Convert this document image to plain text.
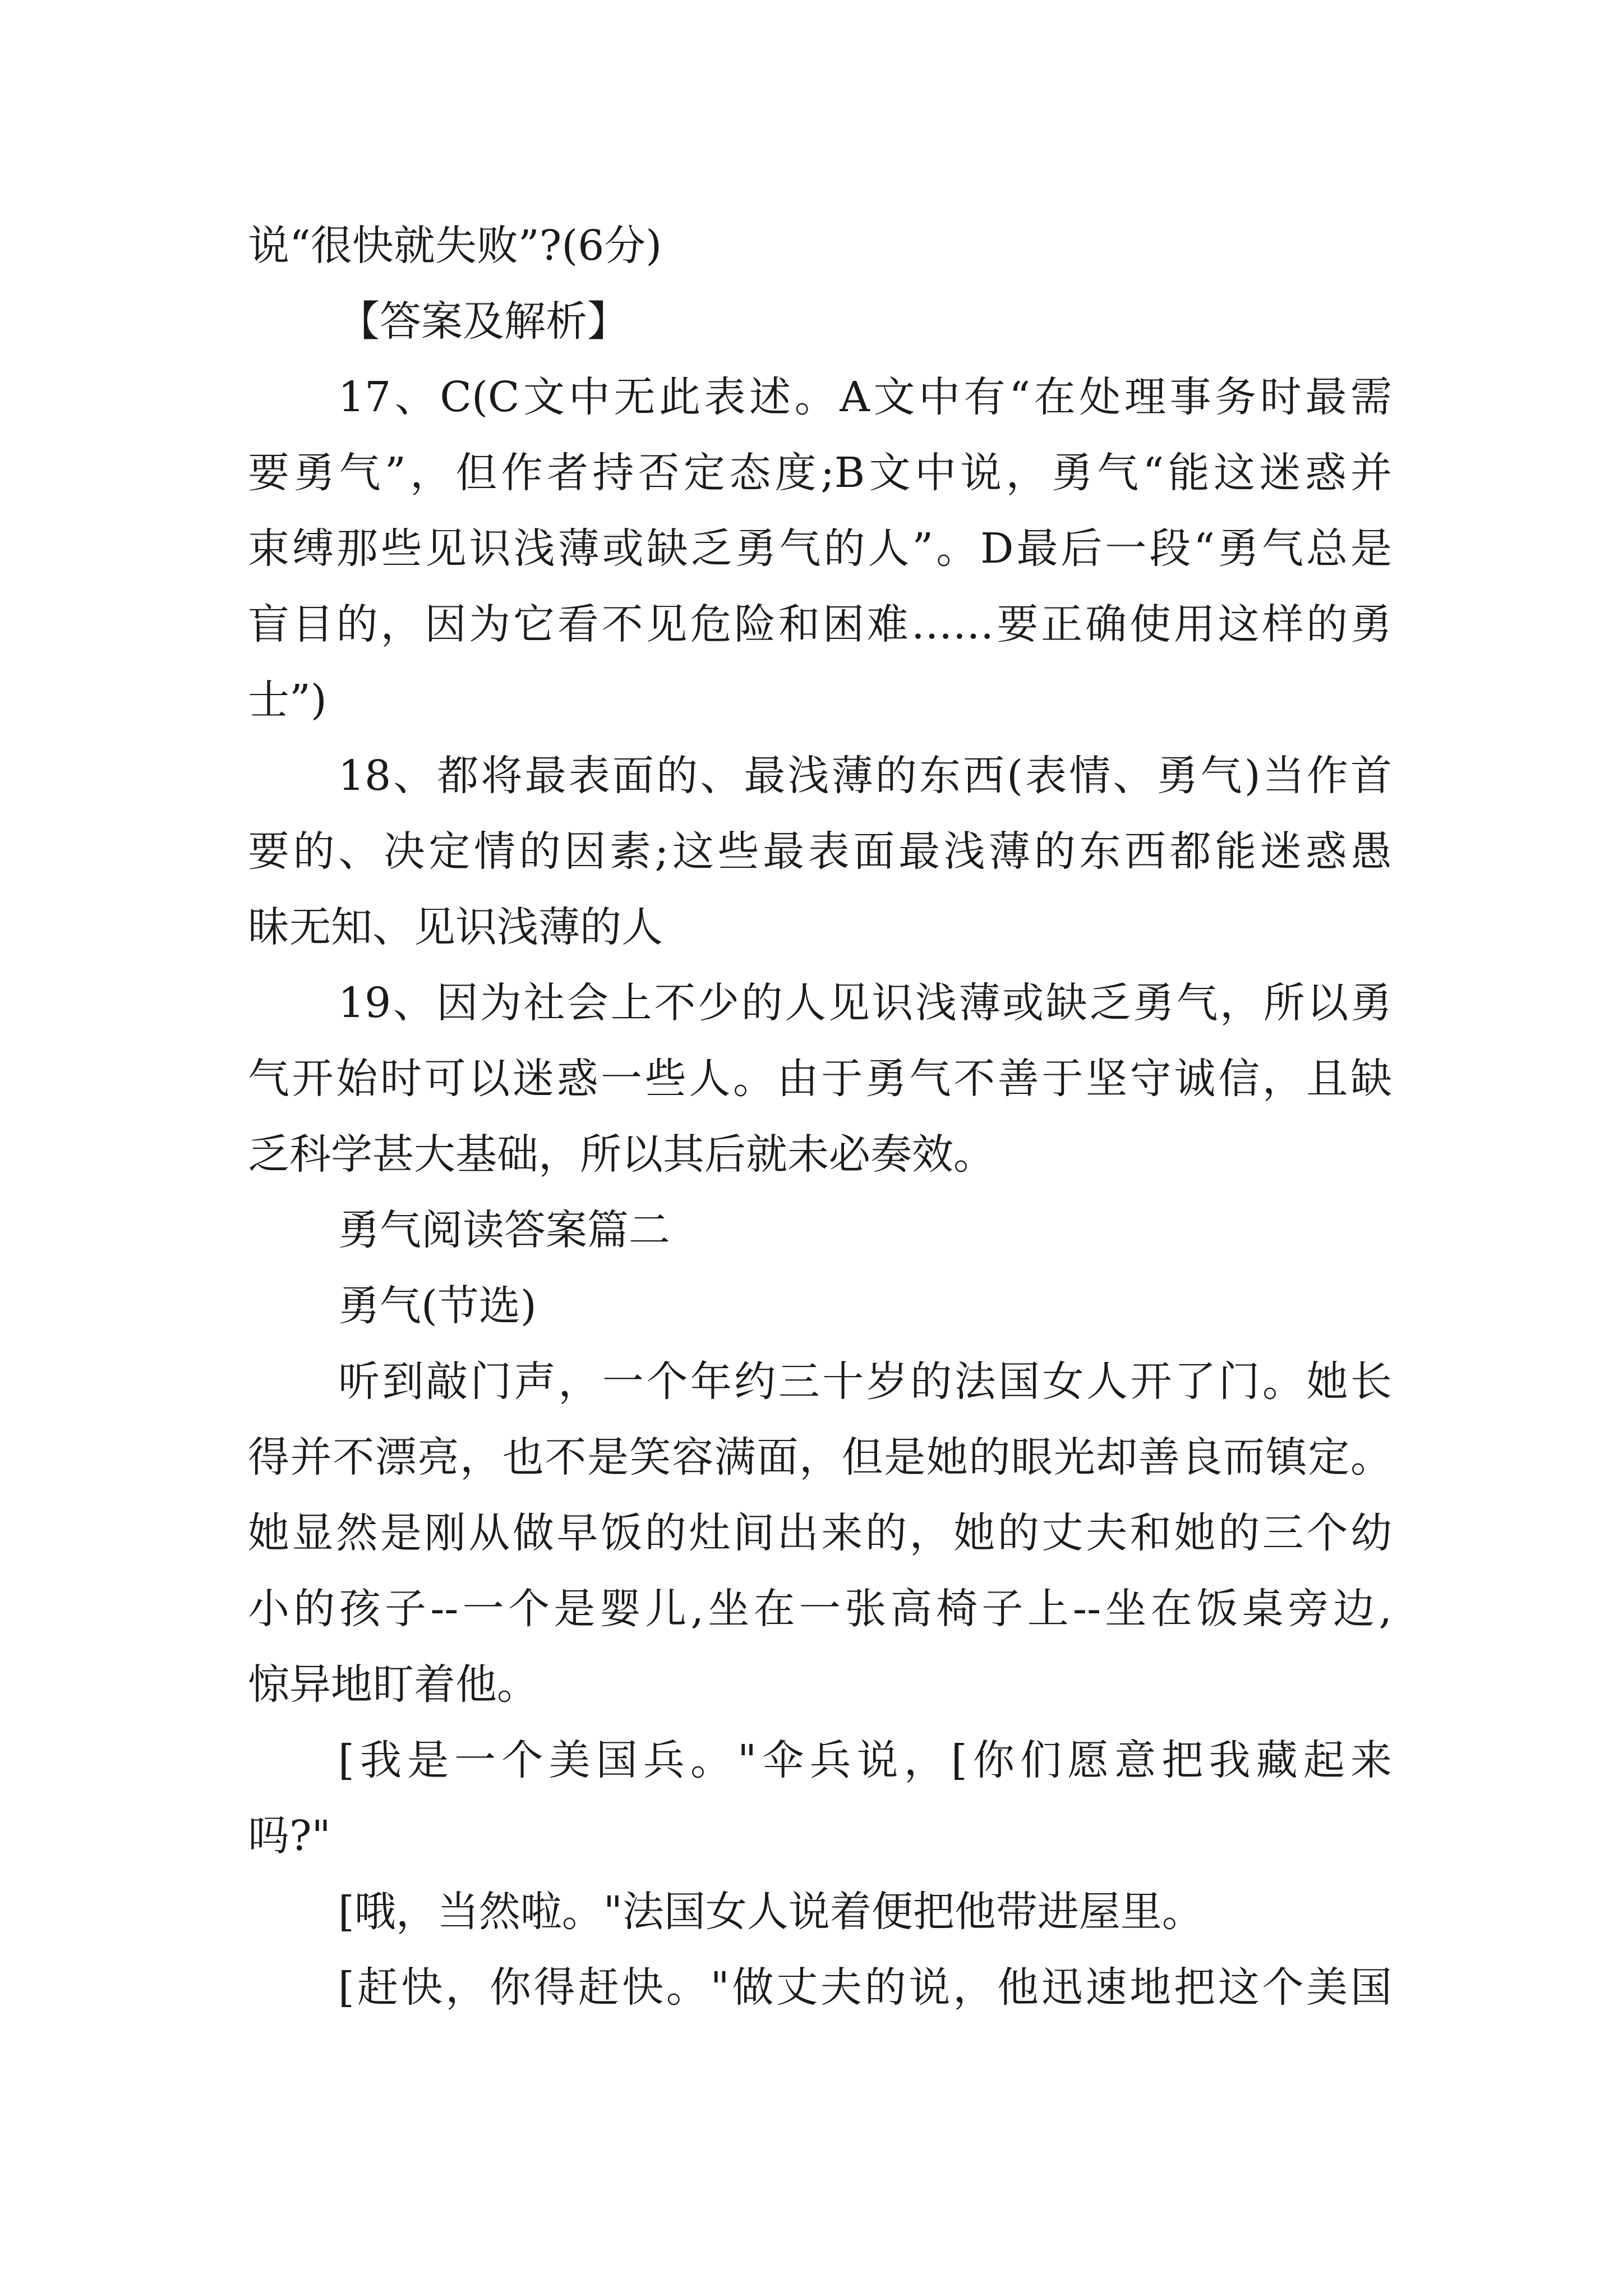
说“很快就失败”?(6分)
【答案及解析】
17、C(C文中无此表述。A文中有“在处理事务时最需
要勇气”，但作者持否定态度;B文中说，勇气“能这迷惑并
束缚那些见识浅薄或缺乏勇气的人”。D最后一段“勇气总是
盲目的，因为它看不见危险和困难……要正确使用这样的勇
士”)
18、都将最表面的、最浅薄的东西(表情、勇气)当作首
要的、决定情的因素;这些最表面最浅薄的东西都能迷惑愚
昧无知、见识浅薄的人
19、因为社会上不少的人见识浅薄或缺乏勇气，所以勇
气开始时可以迷惑一些人。由于勇气不善于坚守诚信，且缺
乏科学甚大基础，所以其后就未必奏效。
勇气阅读答案篇二
勇气(节选)
听到敲门声，一个年约三十岁的法国女人开了门。她长
得并不漂亮，也不是笑容满面，但是她的眼光却善良而镇定。
她显然是刚从做早饭的灶间出来的，她的丈夫和她的三个幼
小的孩子--一个是婴儿,坐在一张高椅子上--坐在饭桌旁边,
惊异地盯着他。
[我是一个美国兵。"伞兵说，[你们愿意把我藏起来
吗?"
[哦，当然啦。"法国女人说着便把他带进屋里。
[赶快，你得赶快。"做丈夫的说，他迅速地把这个美国
